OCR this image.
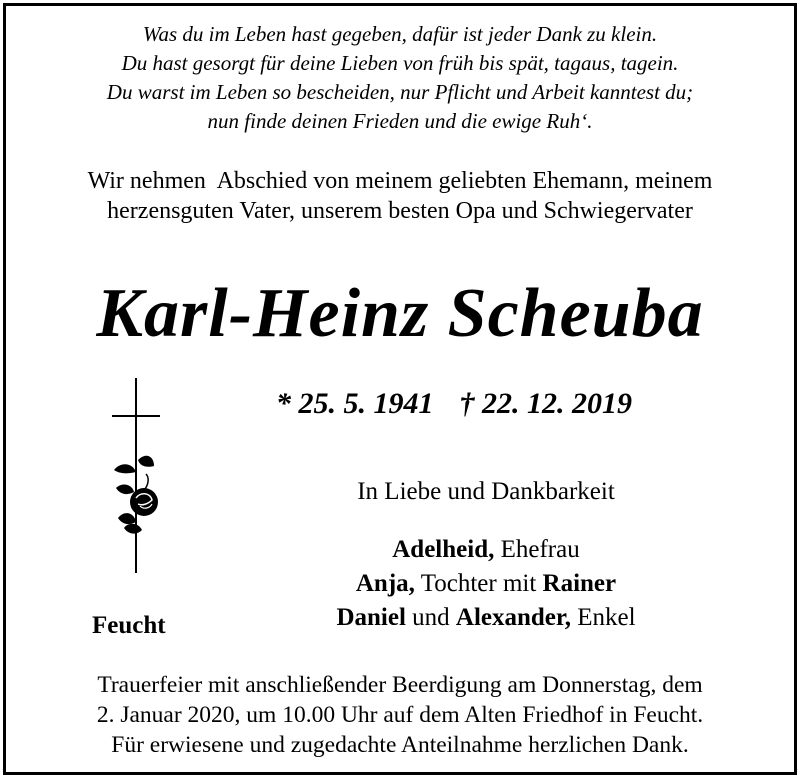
Was du im Leben hast gegeben, dafür ist jeder Dank zu klein.
Du hast gesorgt für deine Lieben von früh bis spät, tagaus, tagein.
Du warst im Leben so bescheiden, nur Pflicht und Arbeit kanntest du;
nun finde deinen Frieden und die ewige Ruh‘.
Wir nehmen  Abschied von meinem geliebten Ehemann, meinem
herzensguten Vater, unserem besten Opa und Schwiegervater
Karl-Heinz Scheuba
* 25. 5. 1941 † 22. 12. 2019
In Liebe und Dankbarkeit
Adelheid, Ehefrau
Anja, Tochter mit Rainer
Daniel und Alexander, Enkel
Feucht
Trauerfeier mit anschließender Beerdigung am Donnerstag, dem
2. Januar 2020, um 10.00 Uhr auf dem Alten Friedhof in Feucht.
Für erwiesene und zugedachte Anteilnahme herzlichen Dank.
